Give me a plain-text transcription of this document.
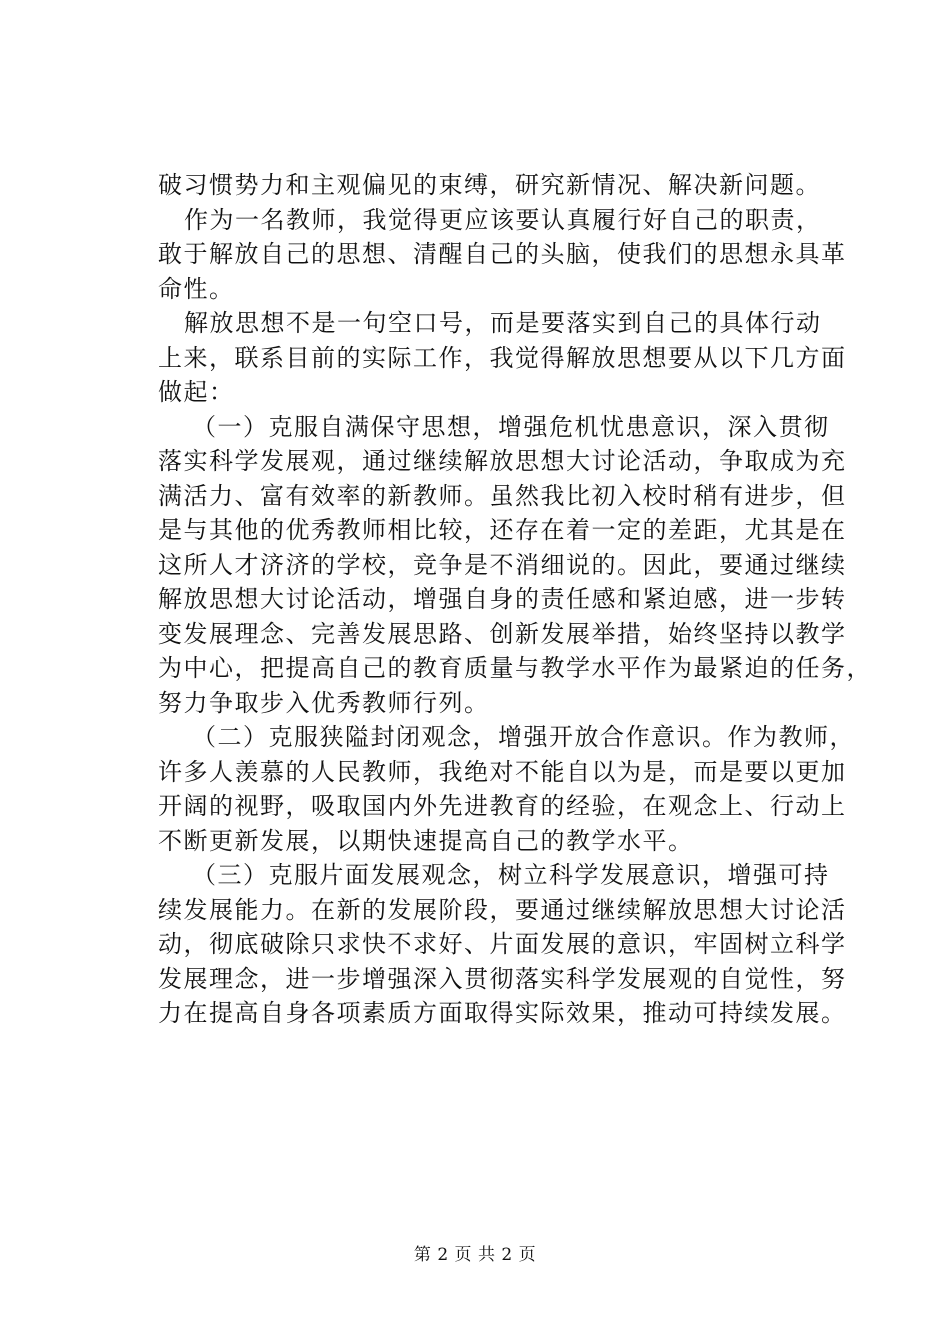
破习惯势力和主观偏见的束缚，研究新情况、解决新问题。
作为一名教师，我觉得更应该要认真履行好自己的职责，
敢于解放自己的思想、清醒自己的头脑，使我们的思想永具革
命性。
解放思想不是一句空口号，而是要落实到自己的具体行动
上来，联系目前的实际工作，我觉得解放思想要从以下几方面
做起：
（一）克服自满保守思想，增强危机忧患意识，深入贯彻
落实科学发展观，通过继续解放思想大讨论活动，争取成为充
满活力、富有效率的新教师。虽然我比初入校时稍有进步，但
是与其他的优秀教师相比较，还存在着一定的差距，尤其是在
这所人才济济的学校，竞争是不消细说的。因此，要通过继续
解放思想大讨论活动，增强自身的责任感和紧迫感，进一步转
变发展理念、完善发展思路、创新发展举措，始终坚持以教学
为中心，把提高自己的教育质量与教学水平作为最紧迫的任务，
努力争取步入优秀教师行列。
（二）克服狭隘封闭观念，增强开放合作意识。作为教师，
许多人羡慕的人民教师，我绝对不能自以为是，而是要以更加
开阔的视野，吸取国内外先进教育的经验，在观念上、行动上
不断更新发展，以期快速提高自己的教学水平。
（三）克服片面发展观念，树立科学发展意识，增强可持
续发展能力。在新的发展阶段，要通过继续解放思想大讨论活
动，彻底破除只求快不求好、片面发展的意识，牢固树立科学
发展理念，进一步增强深入贯彻落实科学发展观的自觉性，努
力在提高自身各项素质方面取得实际效果，推动可持续发展。
第 2 页 共 2 页
